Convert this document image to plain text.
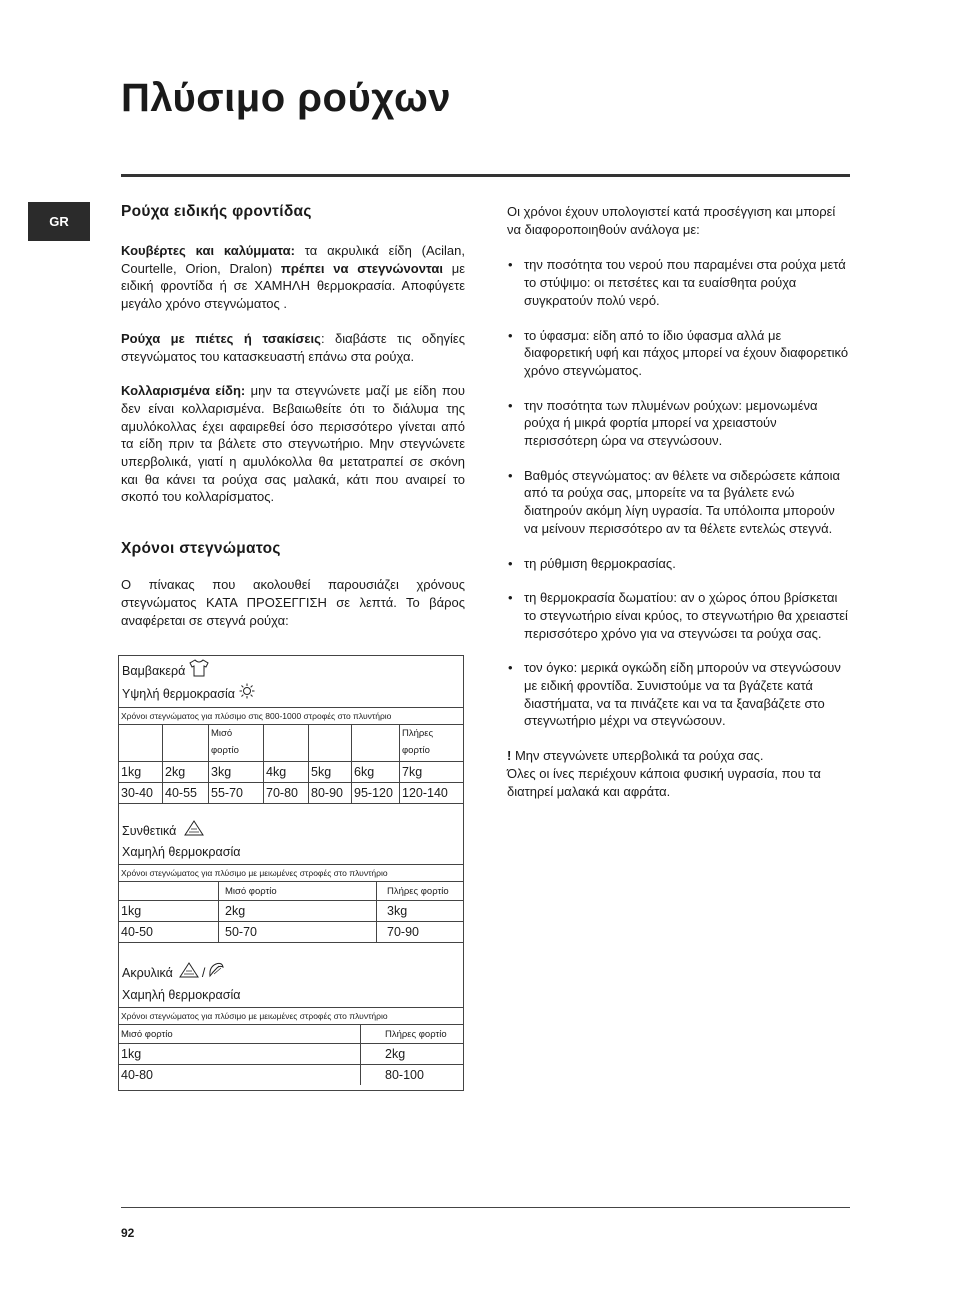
Πλύσιμο ρούχων
GR
Ρούχα ειδικής φροντίδας

Κουβέρτες και καλύμματα: τα ακρυλικά είδη (Acilan, Courtelle, Orion, Dralon) πρέπει να στεγνώνονται με ειδική φροντίδα ή σε ΧΑΜΗΛΗ θερμοκρασία. Αποφύγετε μεγάλο χρόνο στεγνώματος .

Ρούχα με πιέτες ή τσακίσεις: διαβάστε τις οδηγίες στεγνώματος του κατασκευαστή επάνω στα ρούχα.

Κολλαρισμένα είδη: μην τα στεγνώνετε μαζί με είδη που δεν είναι κολλαρισμένα. Βεβαιωθείτε ότι το διάλυμα της αμυλόκολλας έχει αφαιρεθεί όσο περισσότερο γίνεται από τα είδη πριν τα βάλετε στο στεγνωτήριο. Μην στεγνώνετε υπερβολικά, γιατί η αμυλόκολλα θα μετατραπεί σε σκόνη και θα κάνει τα ρούχα σας μαλακά, κάτι που αναιρεί το σκοπό του κολλαρίσματος.

Χρόνοι στεγνώματος

Ο πίνακας που ακολουθεί παρουσιάζει χρόνους στεγνώματος ΚΑΤΑ ΠΡΟΣΕΓΓΙΣΗ σε λεπτά. Το βάρος αναφέρεται σε στεγνά ρούχα:

Βαμβακερά
Υψηλή θερμοκρασία
Χρόνοι στεγνώματος για πλύσιμο στις 800-1000 στροφές στο πλυντήριο						
		Μισό φορτίο				Πλήρες φορτίο
1kg	2kg	3kg	4kg	5kg	6kg	7kg
30-40	40-55	55-70	70-80	80-90	95-120	120-140
Συνθετικά
Χαμηλή θερμοκρασία
Χρόνοι στεγνώματος για πλύσιμο με μειωμένες στροφές στο πλυντήριο		
	Μισό φορτίο	Πλήρες φορτίο
1kg	2kg	3kg
40-50	50-70	70-90
Ακρυλικά /
Χαμηλή θερμοκρασία
Χρόνοι στεγνώματος για πλύσιμο με μειωμένες στροφές στο πλυντήριο	
Μισό φορτίο	Πλήρες φορτίο
1kg	2kg
40-80	80-100

Οι χρόνοι έχουν υπολογιστεί κατά προσέγγιση και μπορεί να διαφοροποιηθούν ανάλογα με:

• την ποσότητα του νερού που παραμένει στα ρούχα μετά το στύψιμο: οι πετσέτες και τα ευαίσθητα ρούχα συγκρατούν πολύ νερό.
• το ύφασμα: είδη από το ίδιο ύφασμα αλλά με διαφορετική υφή και πάχος μπορεί να έχουν διαφορετικό χρόνο στεγνώματος.
• την ποσότητα των πλυμένων ρούχων: μεμονωμένα ρούχα ή μικρά φορτία μπορεί να χρειαστούν περισσότερη ώρα να στεγνώσουν.
• Βαθμός στεγνώματος: αν θέλετε να σιδερώσετε κάποια από τα ρούχα σας, μπορείτε να τα βγάλετε ενώ διατηρούν ακόμη λίγη υγρασία. Τα υπόλοιπα μπορούν να μείνουν περισσότερο αν τα θέλετε εντελώς στεγνά.
• τη ρύθμιση θερμοκρασίας.
• τη θερμοκρασία δωματίου: αν ο χώρος όπου βρίσκεται το στεγνωτήριο είναι κρύος, το στεγνωτήριο θα χρειαστεί περισσότερο χρόνο για να στεγνώσει τα ρούχα σας.
• τον όγκο: μερικά ογκώδη είδη μπορούν να στεγνώσουν με ειδική φροντίδα. Συνιστούμε να τα βγάζετε κατά διαστήματα, να τα πινάζετε και να τα ξαναβάζετε στο στεγνωτήριο μέχρι να στεγνώσουν.

! Μην στεγνώνετε υπερβολικά τα ρούχα σας.
Όλες οι ίνες περιέχουν κάποια φυσική υγρασία, που τα διατηρεί μαλακά και αφράτα.

92
